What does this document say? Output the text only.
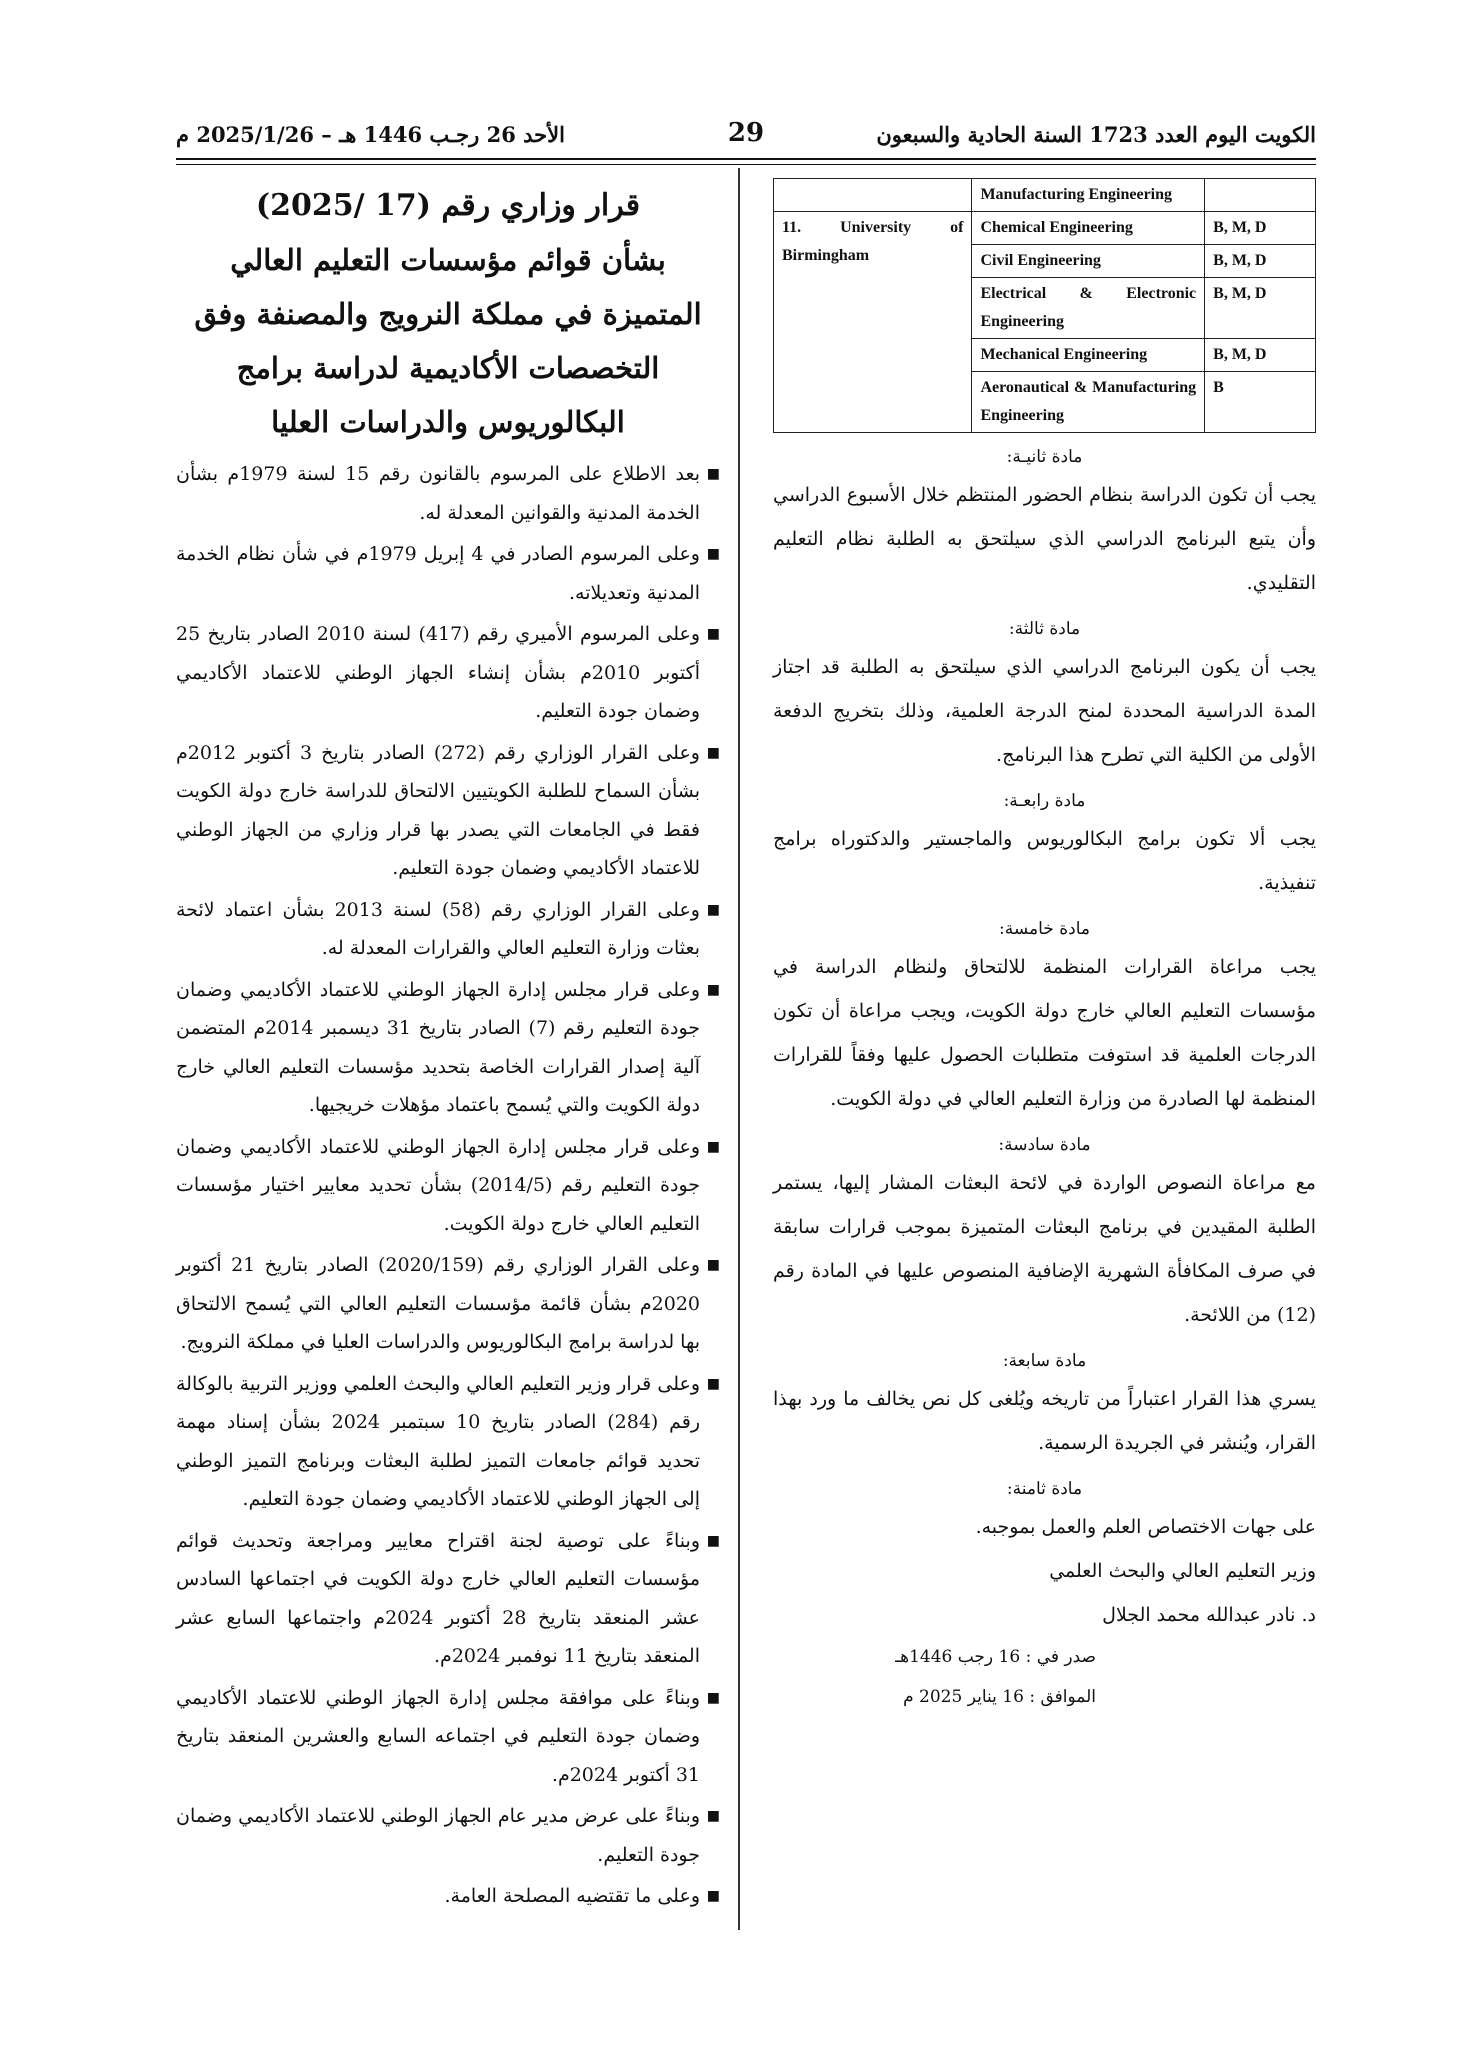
الكويت اليوم العدد 1723 السنة الحادية والسبعون
29
الأحد 26 رجـب 1446 هـ – 2025/1/26 م
قرار وزاري رقم (17 /2025)
بشأن قوائم مؤسسات التعليم العالي المتميزة في مملكة النرويج والمصنفة وفق التخصصات الأكاديمية لدراسة برامج البكالوريوس والدراسات العليا
■
بعد الاطلاع على المرسوم بالقانون رقم 15 لسنة 1979م بشأن الخدمة المدنية والقوانين المعدلة له.
■
وعلى المرسوم الصادر في 4 إبريل 1979م في شأن نظام الخدمة المدنية وتعديلاته.
■
وعلى المرسوم الأميري رقم (417) لسنة 2010 الصادر بتاريخ 25 أكتوبر 2010م بشأن إنشاء الجهاز الوطني للاعتماد الأكاديمي وضمان جودة التعليم.
■
وعلى القرار الوزاري رقم (272) الصادر بتاريخ 3 أكتوبر 2012م بشأن السماح للطلبة الكويتيين الالتحاق للدراسة خارج دولة الكويت فقط في الجامعات التي يصدر بها قرار وزاري من الجهاز الوطني للاعتماد الأكاديمي وضمان جودة التعليم.
■
وعلى القرار الوزاري رقم (58) لسنة 2013 بشأن اعتماد لائحة بعثات وزارة التعليم العالي والقرارات المعدلة له.
■
وعلى قرار مجلس إدارة الجهاز الوطني للاعتماد الأكاديمي وضمان جودة التعليم رقم (7) الصادر بتاريخ 31 ديسمبر 2014م المتضمن آلية إصدار القرارات الخاصة بتحديد مؤسسات التعليم العالي خارج دولة الكويت والتي يُسمح باعتماد مؤهلات خريجيها.
■
وعلى قرار مجلس إدارة الجهاز الوطني للاعتماد الأكاديمي وضمان جودة التعليم رقم (2014/5) بشأن تحديد معايير اختيار مؤسسات التعليم العالي خارج دولة الكويت.
■
وعلى القرار الوزاري رقم (2020/159) الصادر بتاريخ 21 أكتوبر 2020م بشأن قائمة مؤسسات التعليم العالي التي يُسمح الالتحاق بها لدراسة برامج البكالوريوس والدراسات العليا في مملكة النرويج.
■
وعلى قرار وزير التعليم العالي والبحث العلمي ووزير التربية بالوكالة رقم (284) الصادر بتاريخ 10 سبتمبر 2024 بشأن إسناد مهمة تحديد قوائم جامعات التميز لطلبة البعثات وبرنامج التميز الوطني إلى الجهاز الوطني للاعتماد الأكاديمي وضمان جودة التعليم.
■
وبناءً على توصية لجنة اقتراح معايير ومراجعة وتحديث قوائم مؤسسات التعليم العالي خارج دولة الكويت في اجتماعها السادس عشر المنعقد بتاريخ 28 أكتوبر 2024م واجتماعها السابع عشر المنعقد بتاريخ 11 نوفمبر 2024م.
■
وبناءً على موافقة مجلس إدارة الجهاز الوطني للاعتماد الأكاديمي وضمان جودة التعليم في اجتماعه السابع والعشرين المنعقد بتاريخ 31 أكتوبر 2024م.
■
وبناءً على عرض مدير عام الجهاز الوطني للاعتماد الأكاديمي وضمان جودة التعليم.
■
وعلى ما تقتضيه المصلحة العامة.
	Manufacturing Engineering	
11. University of Birmingham	Chemical Engineering	B, M, D
	Civil Engineering	B, M, D
	Electrical & Electronic Engineering	B, M, D
	Mechanical Engineering	B, M, D
	Aeronautical & Manufacturing Engineering	B

مادة ثانيـة:

يجب أن تكون الدراسة بنظام الحضور المنتظم خلال الأسبوع الدراسي وأن يتبع البرنامج الدراسي الذي سيلتحق به الطلبة نظام التعليم التقليدي.

مادة ثالثة:

يجب أن يكون البرنامج الدراسي الذي سيلتحق به الطلبة قد اجتاز المدة الدراسية المحددة لمنح الدرجة العلمية، وذلك بتخريج الدفعة الأولى من الكلية التي تطرح هذا البرنامج.

مادة رابعـة:

يجب ألا تكون برامج البكالوريوس والماجستير والدكتوراه برامج تنفيذية.

مادة خامسة:

يجب مراعاة القرارات المنظمة للالتحاق ولنظام الدراسة في مؤسسات التعليم العالي خارج دولة الكويت، ويجب مراعاة أن تكون الدرجات العلمية قد استوفت متطلبات الحصول عليها وفقاً للقرارات المنظمة لها الصادرة من وزارة التعليم العالي في دولة الكويت.

مادة سادسة:

مع مراعاة النصوص الواردة في لائحة البعثات المشار إليها، يستمر الطلبة المقيدين في برنامج البعثات المتميزة بموجب قرارات سابقة في صرف المكافأة الشهرية الإضافية المنصوص عليها في المادة رقم (12) من اللائحة.

مادة سابعة:

يسري هذا القرار اعتباراً من تاريخه ويُلغى كل نص يخالف ما ورد بهذا القرار، ويُنشر في الجريدة الرسمية.

مادة ثامنة:

على جهات الاختصاص العلم والعمل بموجبه.

وزير التعليم العالي والبحث العلمي

د. نادر عبدالله محمد الجلال

صدر في : 16 رجب 1446هـ

الموافق : 16 يناير 2025 م
